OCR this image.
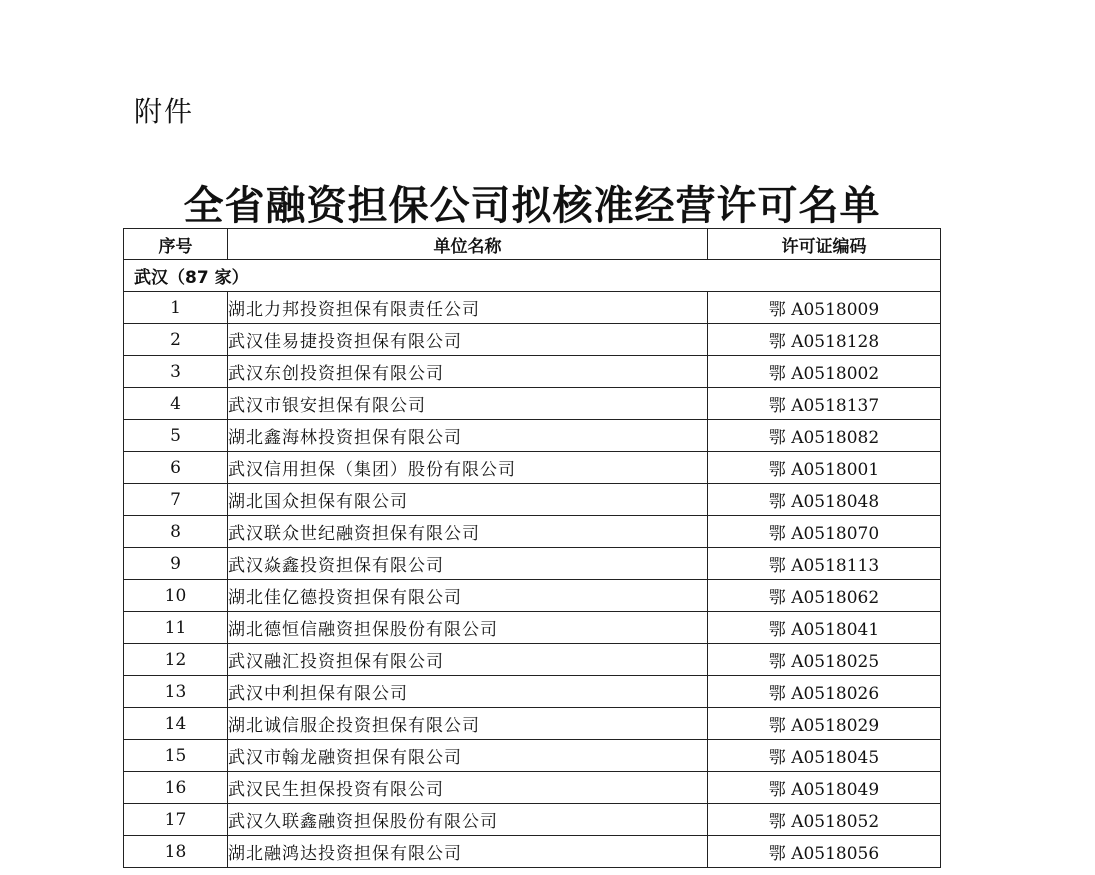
附件
全省融资担保公司拟核准经营许可名单
序号	单位名称	许可证编码
武汉（87 家）		
1	湖北力邦投资担保有限责任公司	鄂 A0518009
2	武汉佳易捷投资担保有限公司	鄂 A0518128
3	武汉东创投资担保有限公司	鄂 A0518002
4	武汉市银安担保有限公司	鄂 A0518137
5	湖北鑫海林投资担保有限公司	鄂 A0518082
6	武汉信用担保（集团）股份有限公司	鄂 A0518001
7	湖北国众担保有限公司	鄂 A0518048
8	武汉联众世纪融资担保有限公司	鄂 A0518070
9	武汉焱鑫投资担保有限公司	鄂 A0518113
10	湖北佳亿德投资担保有限公司	鄂 A0518062
11	湖北德恒信融资担保股份有限公司	鄂 A0518041
12	武汉融汇投资担保有限公司	鄂 A0518025
13	武汉中利担保有限公司	鄂 A0518026
14	湖北诚信服企投资担保有限公司	鄂 A0518029
15	武汉市翰龙融资担保有限公司	鄂 A0518045
16	武汉民生担保投资有限公司	鄂 A0518049
17	武汉久联鑫融资担保股份有限公司	鄂 A0518052
18	湖北融鸿达投资担保有限公司	鄂 A0518056
